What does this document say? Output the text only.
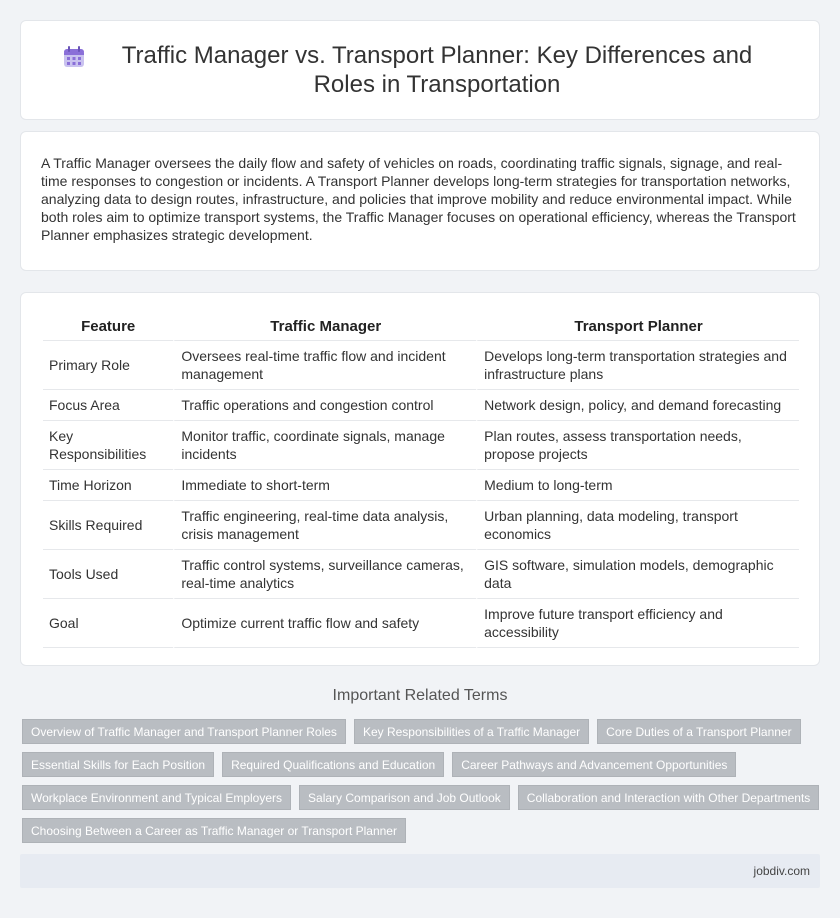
Traffic Manager vs. Transport Planner: Key Differences and Roles in Transportation

A Traffic Manager oversees the daily flow and safety of vehicles on roads, coordinating traffic signals, signage, and real-time responses to congestion or incidents. A Transport Planner develops long-term strategies for transportation networks, analyzing data to design routes, infrastructure, and policies that improve mobility and reduce environmental impact. While both roles aim to optimize transport systems, the Traffic Manager focuses on operational efficiency, whereas the Transport Planner emphasizes strategic development.

Feature	Traffic Manager	Transport Planner
Primary Role	Oversees real-time traffic flow and incident management	Develops long-term transportation strategies and infrastructure plans
Focus Area	Traffic operations and congestion control	Network design, policy, and demand forecasting
Key Responsibilities	Monitor traffic, coordinate signals, manage incidents	Plan routes, assess transportation needs, propose projects
Time Horizon	Immediate to short-term	Medium to long-term
Skills Required	Traffic engineering, real-time data analysis, crisis management	Urban planning, data modeling, transport economics
Tools Used	Traffic control systems, surveillance cameras, real-time analytics	GIS software, simulation models, demographic data
Goal	Optimize current traffic flow and safety	Improve future transport efficiency and accessibility
Important Related Terms
Overview of Traffic Manager and Transport Planner Roles	Key Responsibilities of a Traffic Manager	Core Duties of a Transport Planner
Essential Skills for Each Position	Required Qualifications and Education	Career Pathways and Advancement Opportunities
Workplace Environment and Typical Employers	Salary Comparison and Job Outlook	Collaboration and Interaction with Other Departments
Choosing Between a Career as Traffic Manager or Transport Planner
jobdiv.com
